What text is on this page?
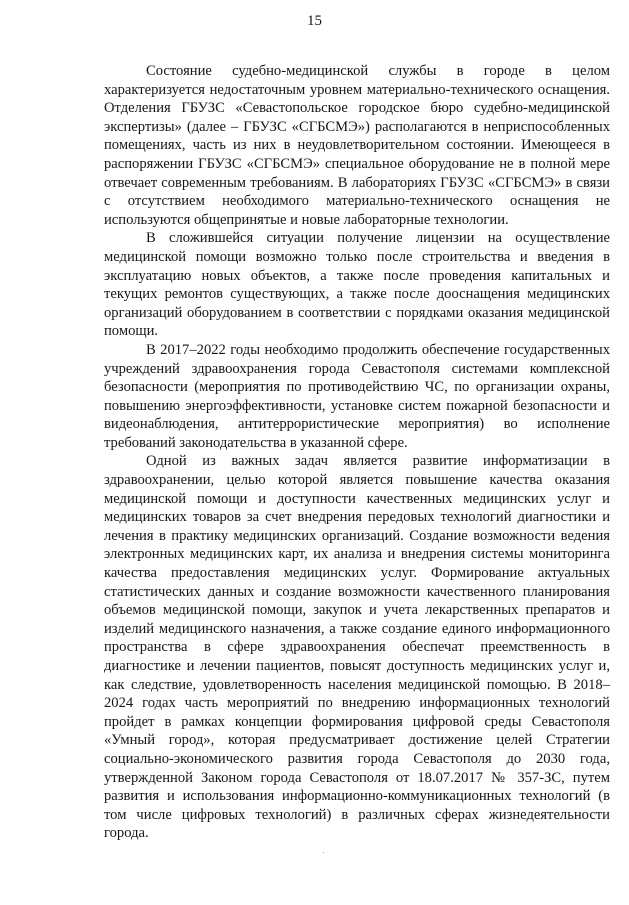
15

Состояние судебно-медицинской службы в городе в целом характеризуется недостаточным уровнем материально-технического оснащения. Отделения ГБУЗС «Севастопольское городское бюро судебно-медицинской экспертизы» (далее – ГБУЗС «СГБСМЭ») располагаются в неприспособленных помещениях, часть из них в неудовлетворительном состоянии. Имеющееся в распоряжении ГБУЗС «СГБСМЭ» специальное оборудование не в полной мере отвечает современным требованиям. В лабораториях ГБУЗС «СГБСМЭ» в связи с отсутствием необходимого материально-технического оснащения не используются общепринятые и новые лабораторные технологии.

В сложившейся ситуации получение лицензии на осуществление медицинской помощи возможно только после строительства и введения в эксплуатацию новых объектов, а также после проведения капитальных и текущих ремонтов существующих, а также после дооснащения медицинских организаций оборудованием в соответствии с порядками оказания медицинской помощи.

В 2017–2022 годы необходимо продолжить обеспечение государственных учреждений здравоохранения города Севастополя системами комплексной безопасности (мероприятия по противодействию ЧС, по организации охраны, повышению энергоэффективности, установке систем пожарной безопасности и видеонаблюдения, антитеррористические мероприятия) во исполнение требований законодательства в указанной сфере.

Одной из важных задач является развитие информатизации в здравоохранении, целью которой является повышение качества оказания медицинской помощи и доступности качественных медицинских услуг и медицинских товаров за счет внедрения передовых технологий диагностики и лечения в практику медицинских организаций. Создание возможности ведения электронных медицинских карт, их анализа и внедрения системы мониторинга качества предоставления медицинских услуг. Формирование актуальных статистических данных и создание возможности качественного планирования объемов медицинской помощи, закупок и учета лекарственных препаратов и изделий медицинского назначения, а также создание единого информационного пространства в сфере здравоохранения обеспечат преемственность в диагностике и лечении пациентов, повысят доступность медицинских услуг и, как следствие, удовлетворенность населения медицинской помощью. В 2018–2024 годах часть мероприятий по внедрению информационных технологий пройдет в рамках концепции формирования цифровой среды Севастополя «Умный город», которая предусматривает достижение целей Стратегии социально-экономического развития города Севастополя до 2030 года, утвержденной Законом города Севастополя от 18.07.2017 № 357-ЗС, путем развития и использования информационно-коммуникационных технологий (в том числе цифровых технологий) в различных сферах жизнедеятельности города.
